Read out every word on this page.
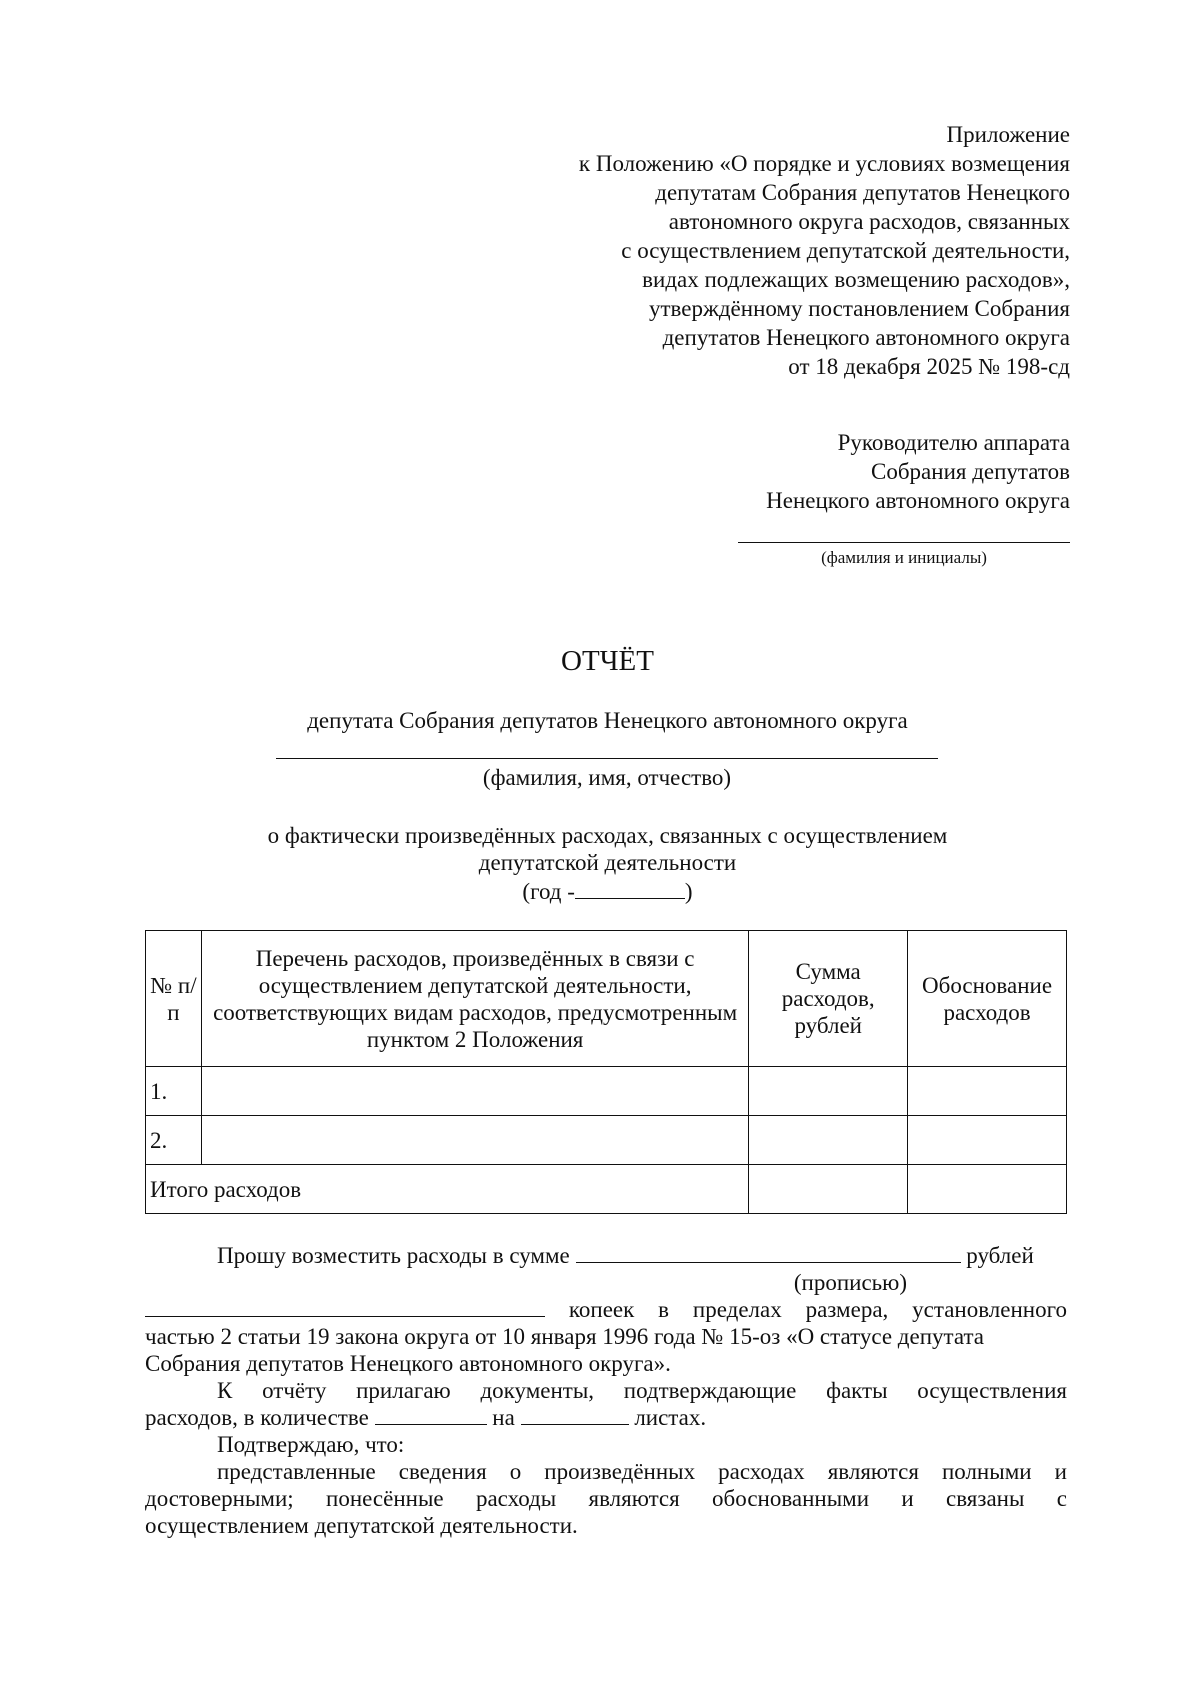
Приложение
к Положению «О порядке и условиях возмещения
депутатам Собрания депутатов Ненецкого
автономного округа расходов, связанных
с осуществлением депутатской деятельности,
видах подлежащих возмещению расходов»,
утверждённому постановлением Собрания
депутатов Ненецкого автономного округа
от 18 декабря 2025 № 198-сд
Руководителю аппарата
Собрания депутатов
Ненецкого автономного округа
(фамилия и инициалы)
ОТЧЁТ
депутата Собрания депутатов Ненецкого автономного округа
(фамилия, имя, отчество)
о фактически произведённых расходах, связанных с осуществлением
депутатской деятельности
(год -	)
№ п/п	Перечень расходов, произведённых в связи с осуществлением депутатской деятельности, соответствующих видам расходов, предусмотренным пунктом 2 Положения	Сумма расходов, рублей	Обоснование расходов
1.			
2.			
Итого расходов			
Прошу возместить расходы в сумме	рублей
(прописью)
копеек в пределах размера, установленного
частью 2 статьи 19 закона округа от 10 января 1996 года № 15-оз «О статусе депутата
Собрания депутатов Ненецкого автономного округа».
К отчёту прилагаю документы, подтверждающие факты осуществления
расходов, в количестве	на	листах.
Подтверждаю, что:
представленные сведения о произведённых расходах являются полными и
достоверными; понесённые расходы являются обоснованными и связаны с
осуществлением депутатской деятельности.
